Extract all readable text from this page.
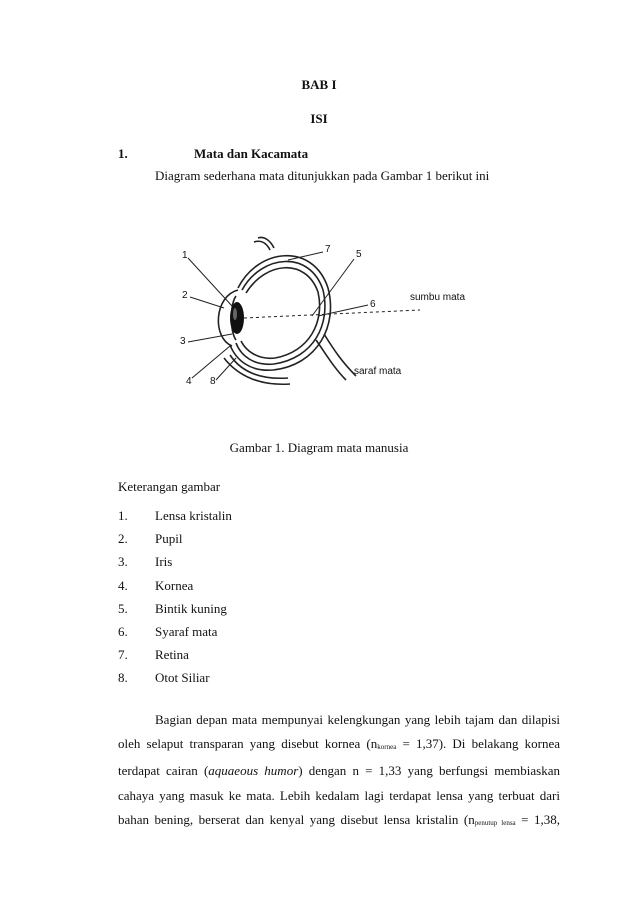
BAB I
ISI
1.	Mata dan Kacamata
Diagram sederhana mata ditunjukkan pada Gambar 1 berikut ini
1
2
3
4
5
6
7
8
sumbu mata
saraf mata
Gambar 1. Diagram mata manusia
Keterangan gambar
1.	Lensa kristalin
2.	Pupil
3.	Iris
4.	Kornea
5.	Bintik kuning
6.	Syaraf mata
7.	Retina
8.	Otot Siliar

Bagian depan mata mempunyai kelengkungan yang lebih tajam dan dilapisi oleh selaput transparan yang disebut kornea $(n_{kornea} = 1,37)$. Di belakang kornea terdapat cairan (aquaeous humor) dengan n = 1,33 yang berfungsi membiaskan cahaya yang masuk ke mata. Lebih kedalam lagi terdapat lensa yang terbuat dari bahan bening, berserat dan kenyal yang disebut lensa kristalin ($n_{penutup lensa} = 1,38$,
